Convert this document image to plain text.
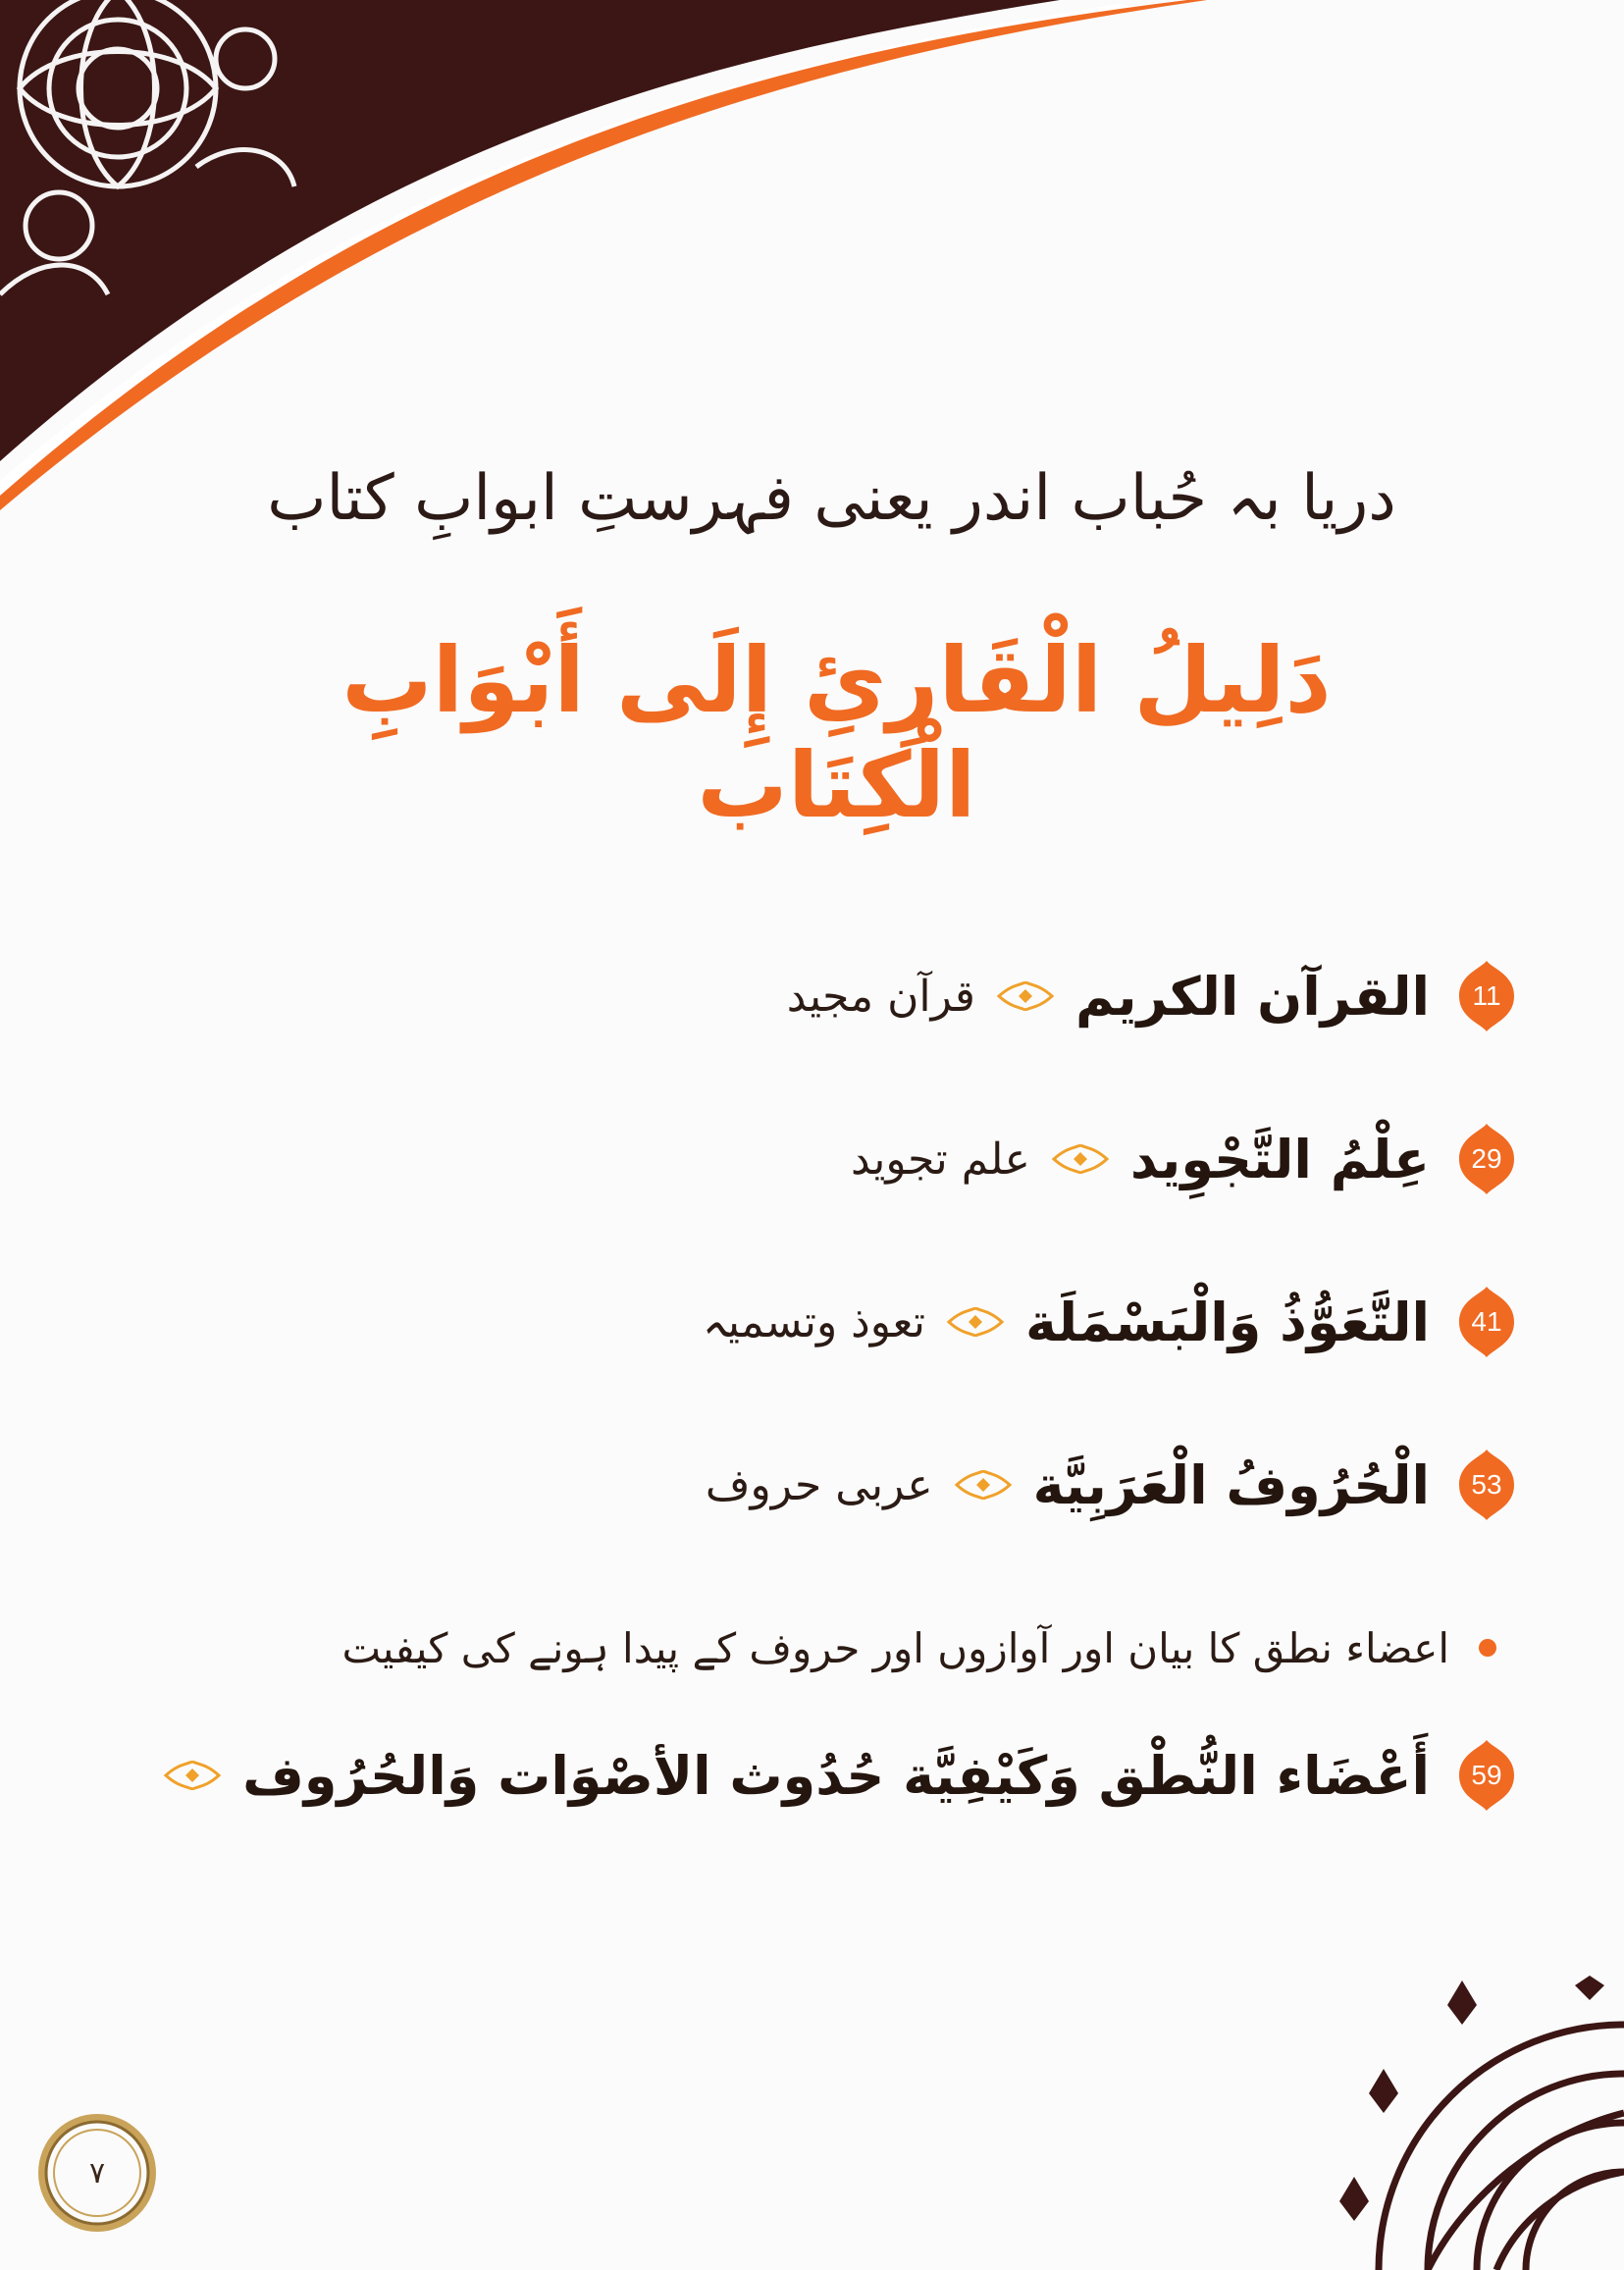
دریا بہ حُباب اندر یعنی فہرستِ ابوابِ کتاب
دَلِيلُ الْقَارِئِ إِلَى أَبْوَابِ الْكِتَاب
11
القرآن الكريم
قرآن مجید
29
عِلْمُ التَّجْوِيد
علم تجوید
41
التَّعَوُّذُ وَالْبَسْمَلَة
تعوذ وتسمیہ
53
الْحُرُوفُ الْعَرَبِيَّة
عربی حروف
اعضاء نطق کا بیان اور آوازوں اور حروف کے پیدا ہونے کی کیفیت
59
أَعْضَاء النُّطْق وَكَيْفِيَّة حُدُوث الأصْوَات وَالحُرُوف
٧
